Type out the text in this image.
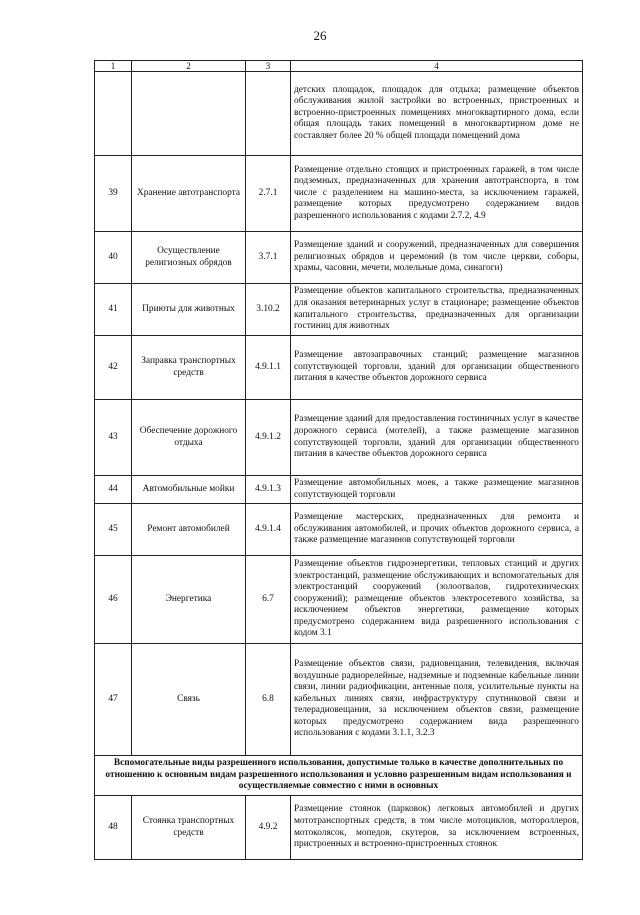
26
1	2	3	4
			детских площадок, площадок для отдыха; размещение объектов обслуживания жилой застройки во встроенных, пристроенных и встроенно-пристроенных помещениях многоквартирного дома, если общая площадь таких помещений в многоквартирном доме не составляет более 20 % общей площади помещений дома
39	Хранение автотранспорта	2.7.1	Размещение отдельно стоящих и пристроенных гаражей, в том числе подземных, предназначенных для хранения автотранспорта, в том числе с разделением на машино-места, за исключением гаражей, размещение которых предусмотрено содержанием видов разрешенного использования с кодами 2.7.2, 4.9
40	Осуществление религиозных обрядов	3.7.1	Размещение зданий и сооружений, предназначенных для совершения религиозных обрядов и церемоний (в том числе церкви, соборы, храмы, часовни, мечети, молельные дома, синагоги)
41	Приюты для животных	3.10.2	Размещение объектов капитального строительства, предназначенных для оказания ветеринарных услуг в стационаре; размещение объектов капитального строительства, предназначенных для организации гостиниц для животных
42	Заправка транспортных средств	4.9.1.1	Размещение автозаправочных станций; размещение магазинов сопутствующей торговли, зданий для организации общественного питания в качестве объектов дорожного сервиса
43	Обеспечение дорожного отдыха	4.9.1.2	Размещение зданий для предоставления гостиничных услуг в качестве дорожного сервиса (мотелей), а также размещение магазинов сопутствующей торговли, зданий для организации общественного питания в качестве объектов дорожного сервиса
44	Автомобильные мойки	4.9.1.3	Размещение автомобильных моек, а также размещение магазинов сопутствующей торговли
45	Ремонт автомобилей	4.9.1.4	Размещение мастерских, предназначенных для ремонта и обслуживания автомобилей, и прочих объектов дорожного сервиса, а также размещение магазинов сопутствующей торговли
46	Энергетика	6.7	Размещение объектов гидроэнергетики, тепловых станций и других электростанций, размещение обслуживающих и вспомогательных для электростанций сооружений (золоотвалов, гидротехнических сооружений); размещение объектов электросетевого хозяйства, за исключением объектов энергетики, размещение которых предусмотрено содержанием вида разрешенного использования с кодом 3.1
47	Связь	6.8	Размещение объектов связи, радиовещания, телевидения, включая воздушные радиорелейные, надземные и подземные кабельные линии связи, линии радиофикации, антенные поля, усилительные пункты на кабельных линиях связи, инфраструктуру спутниковой связи и телерадиовещания, за исключением объектов связи, размещение которых предусмотрено содержанием вида разрешенного использования с кодами 3.1.1, 3.2.3
Вспомогательные виды разрешенного использования, допустимые только в качестве дополнительных по отношению к основным видам разрешенного использования и условно разрешенным видам использования и осуществляемые совместно с ними в основных			
48	Стоянка транспортных средств	4.9.2	Размещение стоянок (парковок) легковых автомобилей и других мототранспортных средств, в том числе мотоциклов, мотороллеров, мотоколясок, мопедов, скутеров, за исключением встроенных, пристроенных и встроенно-пристроенных стоянок
